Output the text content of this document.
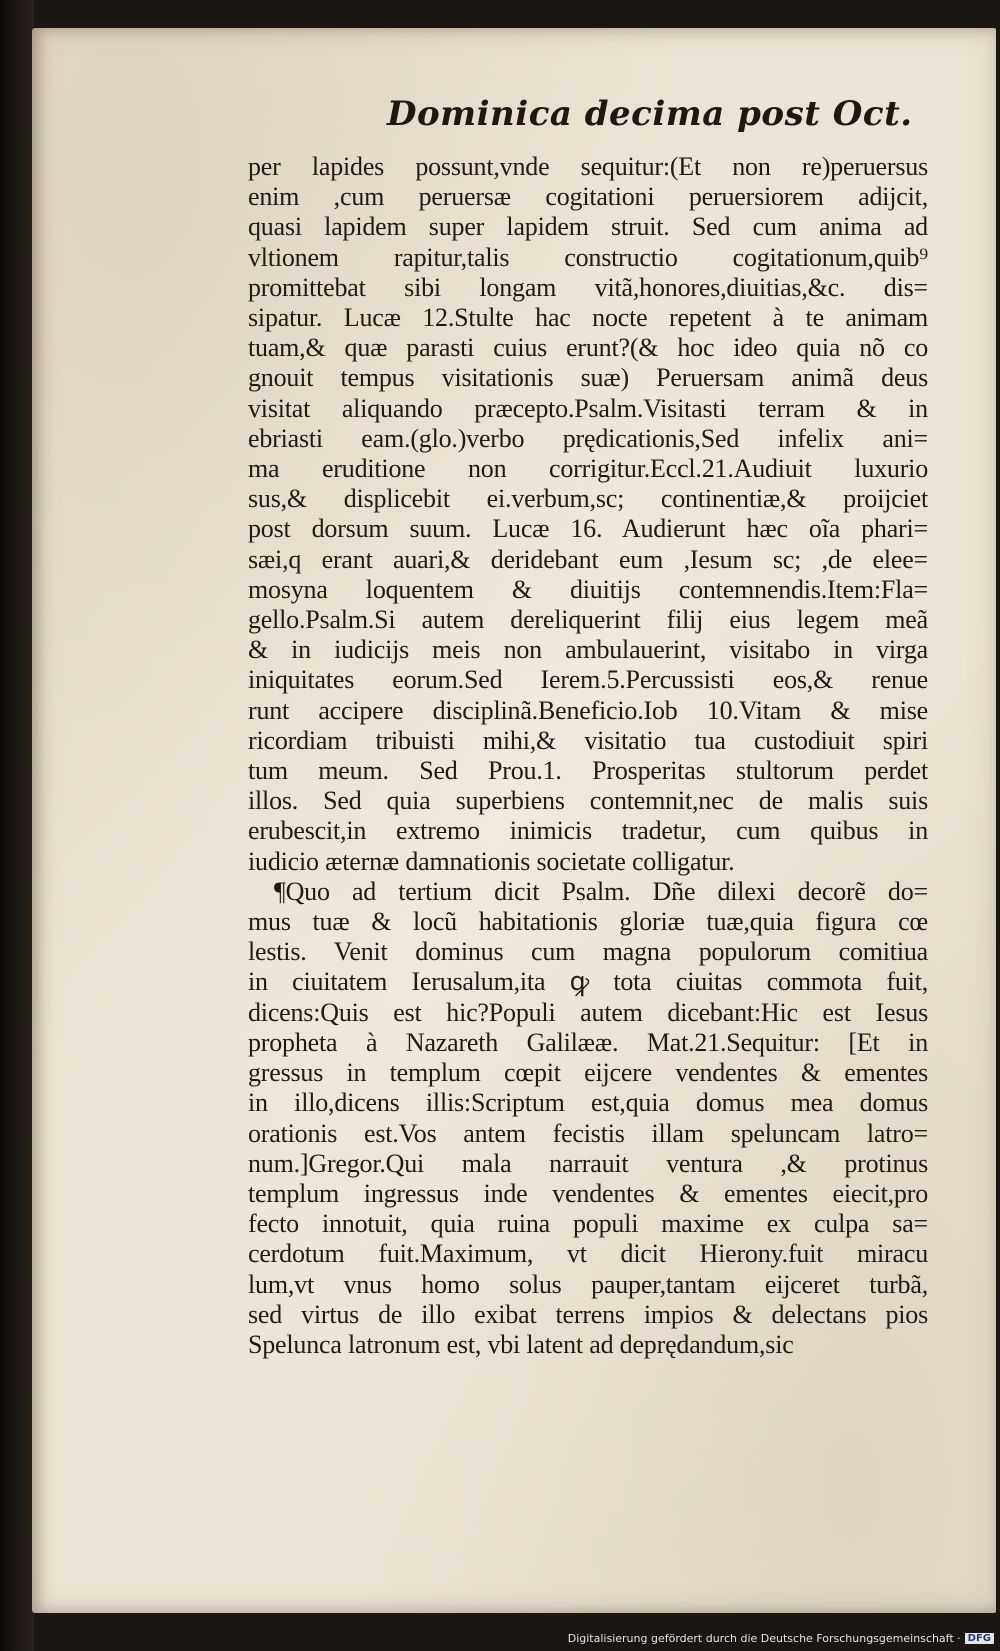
Dominica decima post Oct.
per lapides possunt,vnde sequitur:(Et non re)peruersus
enim ,cum peruersæ cogitationi peruersiorem adijcit,
quasi lapidem super lapidem struit. Sed cum anima ad
vltionem rapitur,talis constructio cogitationum,quib⁹
promittebat sibi longam vitã,honores,diuitias,&c. dis=
sipatur. Lucæ 12.Stulte hac nocte repetent à te animam
tuam,& quæ parasti cuius erunt?(& hoc ideo quia nõ co
gnouit tempus visitationis suæ) Peruersam animã deus
visitat aliquando præcepto.Psalm.Visitasti terram & in
ebriasti eam.(glo.)verbo prędicationis,Sed infelix ani=
ma eruditione non corrigitur.Eccl.21.Audiuit luxurio
sus,& displicebit ei.verbum,sc; continentiæ,& proijciet
post dorsum suum. Lucæ 16. Audierunt hæc oĩa phari=
sæi,q erant auari,& deridebant eum ,Iesum sc; ,de elee=
mosyna loquentem & diuitijs contemnendis.Item:Fla=
gello.Psalm.Si autem dereliquerint filij eius legem meã
& in iudicijs meis non ambulauerint, visitabo in virga
iniquitates eorum.Sed Ierem.5.Percussisti eos,& renue
runt accipere disciplinã.Beneficio.Iob 10.Vitam & mise
ricordiam tribuisti mihi,& visitatio tua custodiuit spiri
tum meum. Sed Prou.1. Prosperitas stultorum perdet
illos. Sed quia superbiens contemnit,nec de malis suis
erubescit,in extremo inimicis tradetur, cum quibus in
iudicio æternæ damnationis societate colligatur.
¶Quo ad tertium dicit Psalm. Dñe dilexi decorẽ do=
mus tuæ & locũ habitationis gloriæ tuæ,quia figura cœ
lestis. Venit dominus cum magna populorum comitiua
in ciuitatem Ierusalum,ita ꝙ tota ciuitas commota fuit,
dicens:Quis est hic?Populi autem dicebant:Hic est Iesus
propheta à Nazareth Galilææ. Mat.21.Sequitur: [Et in
gressus in templum cœpit eijcere vendentes & ementes
in illo,dicens illis:Scriptum est,quia domus mea domus
orationis est.Vos antem fecistis illam speluncam latro=
num.]Gregor.Qui mala narrauit ventura ,& protinus
templum ingressus inde vendentes & ementes eiecit,pro
fecto innotuit, quia ruina populi maxime ex culpa sa=
cerdotum fuit.Maximum, vt dicit Hierony.fuit miracu
lum,vt vnus homo solus pauper,tantam eijceret turbã,
sed virtus de illo exibat terrens impios & delectans pios
Spelunca latronum est, vbi latent ad deprędandum,sic
Digitalisierung gefördert durch die Deutsche Forschungsgemeinschaft · DFG
